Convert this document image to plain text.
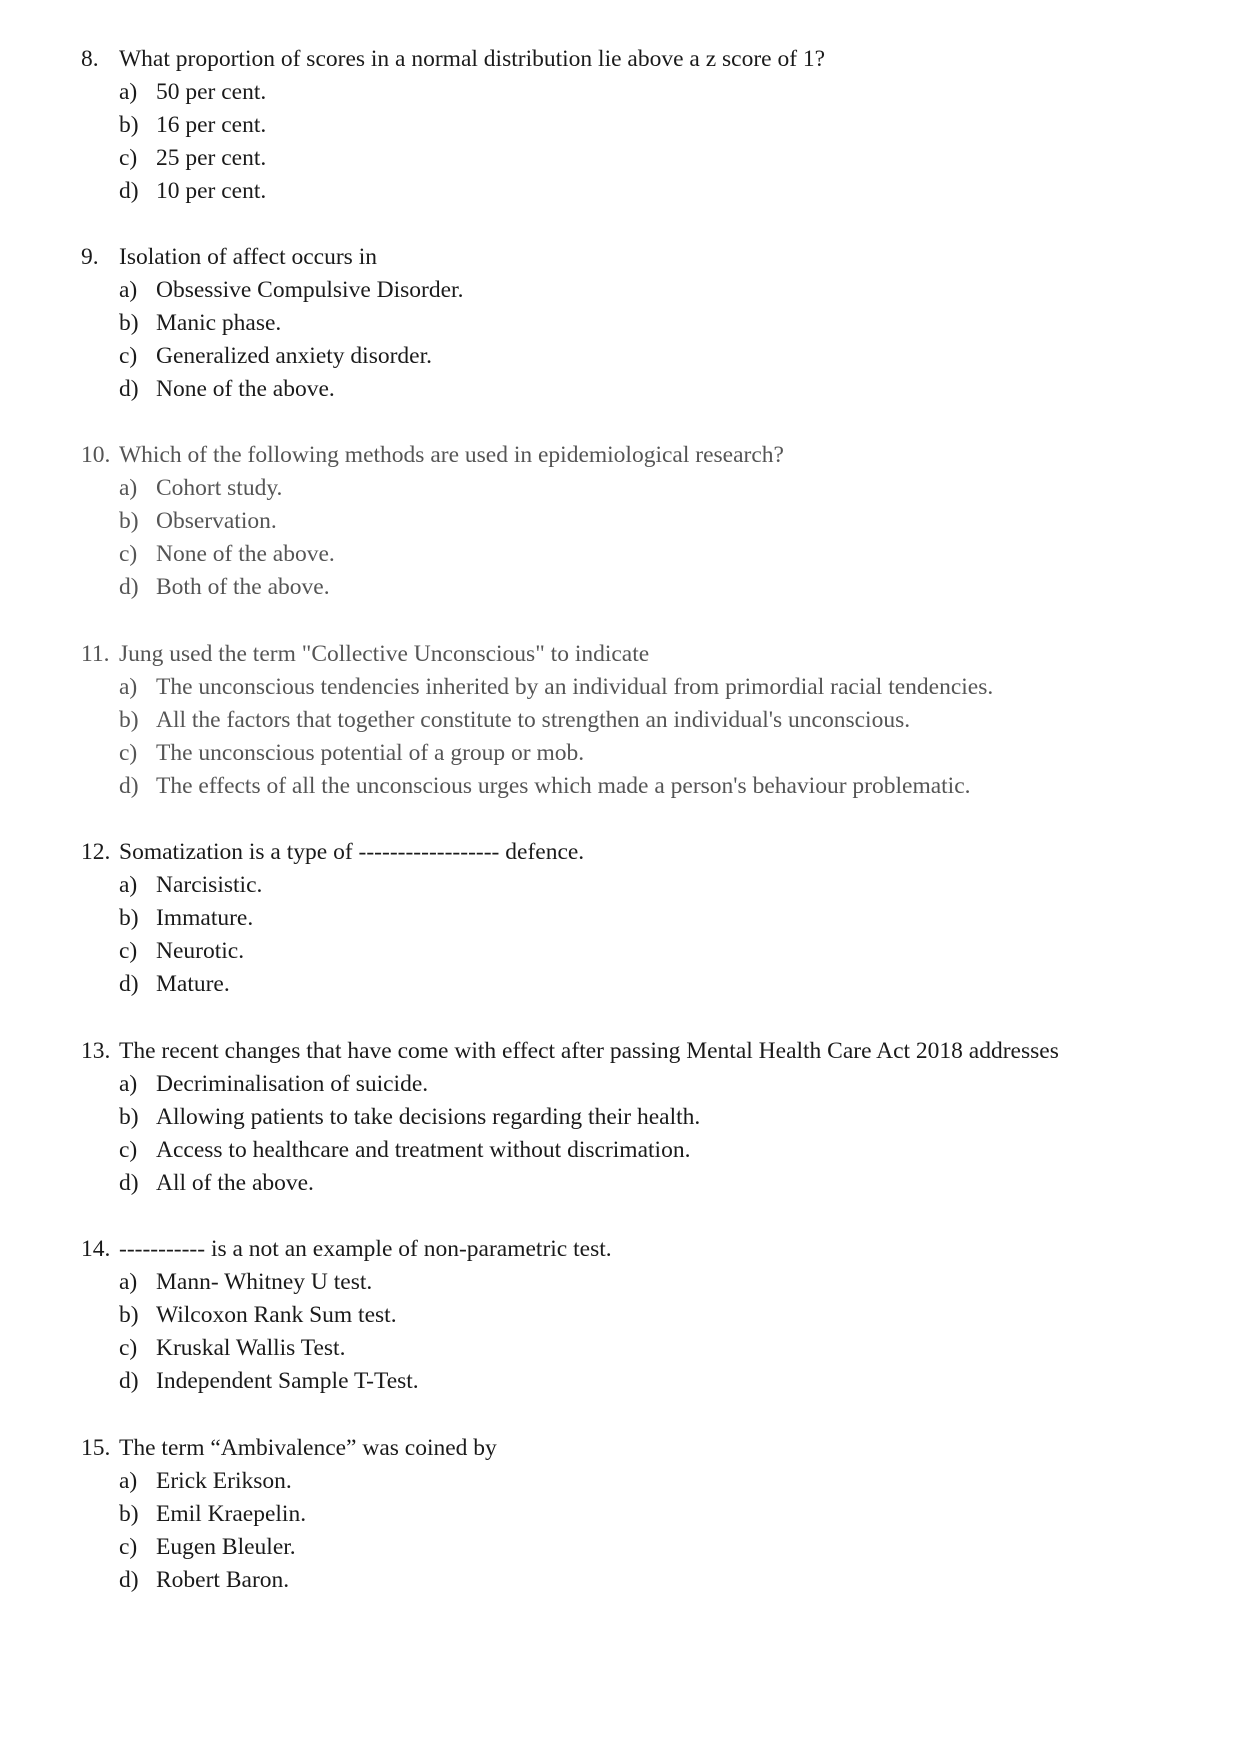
8. What proportion of scores in a normal distribution lie above a z score of 1?
a) 50 per cent.
b) 16 per cent.
c) 25 per cent.
d) 10 per cent.
9. Isolation of affect occurs in
a) Obsessive Compulsive Disorder.
b) Manic phase.
c) Generalized anxiety disorder.
d) None of the above.
10. Which of the following methods are used in epidemiological research?
a) Cohort study.
b) Observation.
c) None of the above.
d) Both of the above.
11. Jung used the term "Collective Unconscious" to indicate
a) The unconscious tendencies inherited by an individual from primordial racial tendencies.
b) All the factors that together constitute to strengthen an individual's unconscious.
c) The unconscious potential of a group or mob.
d) The effects of all the unconscious urges which made a person's behaviour problematic.
12. Somatization is a type of ------------------ defence.
a) Narcisistic.
b) Immature.
c) Neurotic.
d) Mature.
13. The recent changes that have come with effect after passing Mental Health Care Act 2018 addresses
a) Decriminalisation of suicide.
b) Allowing patients to take decisions regarding their health.
c) Access to healthcare and treatment without discrimation.
d) All of the above.
14. ----------- is a not an example of non-parametric test.
a) Mann- Whitney U test.
b) Wilcoxon Rank Sum test.
c) Kruskal Wallis Test.
d) Independent Sample T-Test.
15. The term “Ambivalence” was coined by
a) Erick Erikson.
b) Emil Kraepelin.
c) Eugen Bleuler.
d) Robert Baron.
